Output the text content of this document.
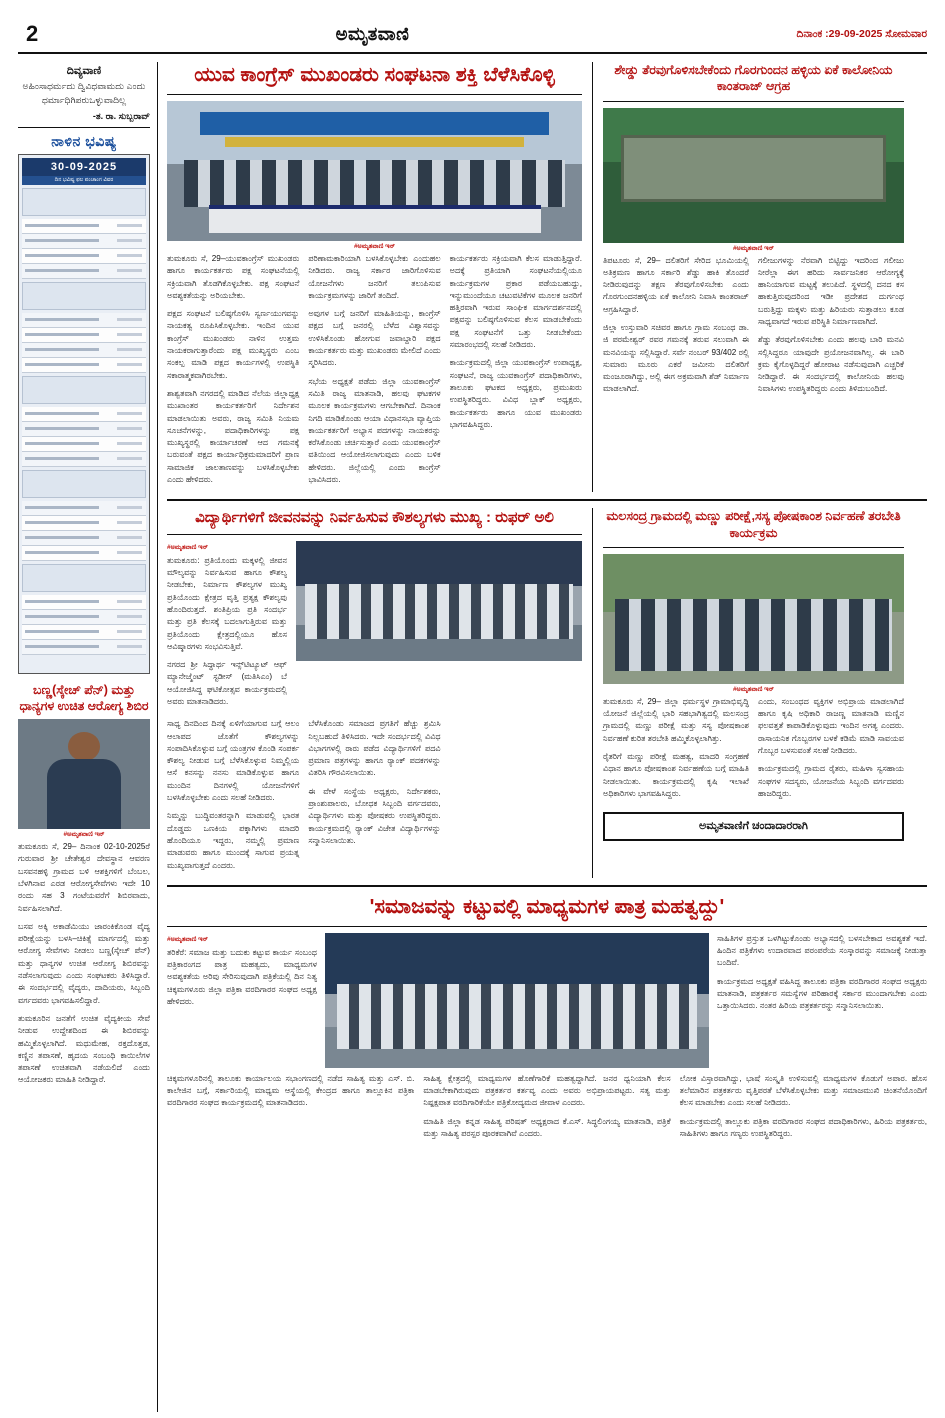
2	ಅಮೃತವಾಣಿ	ದಿನಾಂಕ :29-09-2025 ಸೋಮವಾರ
ದಿವ್ಯವಾಣಿ
ಅಹಿಂಸಾಧರ್ಮದು ದ್ವಿವಿಧವಾಮದು ಎಂದು ಧರ್ಮಾಧಿಗಿಪರುಒಳ್ಳುವಾದಿಲ್ಲ
-ತ. ರಾ. ಸುಬ್ಬರಾವ್
ನಾಳಿನ ಭವಿಷ್ಯ
30-09-2025
ದಿನ ಭವಿಷ್ಯ ಫಲ ಪಂಚಾಂಗ ವಿವರ
ಬಣ್ಣ(ಸ್ಕೇಚ್ ಪೆನ್) ಮತ್ತು ಧಾನ್ಯಗಳ ಉಚಿತ ಆರೋಗ್ಯ ಶಿಬಿರ
#ಅಮೃತವಾಣಿ ಇನ್

ತುಮಕೂರು ಸೆ, 29– ದಿನಾಂಕ 02-10-2025ರೆ ಗುರುವಾರ ಶ್ರೀ ಚೇತೇಶ್ವರ ದೇವಸ್ಥಾನ ಆವರಣ ಬಸವನಹಳ್ಳಿ ಗ್ರಾಮದ ಬಳಿ ಆಶಕ್ತಿಗಳಿಗೆ ಬೆಂಬಲ, ಬೆಳಗಿನಾವ ಎರಡ ಆರೋಗ್ಯಸೇವೆಗಳು ಇದೇ 10 ರಂದು ಸಹ 3 ಗಂಟೆಯವರೆಗೆ ಶಿಬಿರವಾದು, ನಿರ್ವಹಿಸಲಾಗಿದೆ.

ಬಸವ ಅಕ್ಕಿ ಅಕಾಡೆಮಿಯು ಜಾರಂಕಿಕೊಂಡ ವೈದ್ಯ ಪರೀಕ್ಷೆಯನ್ನು ಬಳಸಿ–ಚಿಕಿತ್ಸೆ ಮಾರ್ಗದಲ್ಲಿ ಮತ್ತು ಆರೋಗ್ಯ ಸೇವೆಗಳು ನೀಡಲು ಬಣ್ಣ(ಸ್ಕೇಚ್ ಪೆನ್) ಮತ್ತು ಧಾನ್ಯಗಳ ಉಚಿತ ಆರೋಗ್ಯ ಶಿಬಿರವನ್ನು ನಡೆಸಲಾಗುವುದು ಎಂದು ಸಂಘಟಕರು ತಿಳಿಸಿದ್ದಾರೆ. ಈ ಸಂದರ್ಭದಲ್ಲಿ ವೈದ್ಯರು, ದಾದಿಯರು, ಸಿಬ್ಬಂದಿ ವರ್ಗದವರು ಭಾಗವಹಿಸಲಿದ್ದಾರೆ.

ತುಮಕೂರಿನ ಜನತೆಗೆ ಉಚಿತ ವೈದ್ಯಕೀಯ ಸೇವೆ ನೀಡುವ ಉದ್ದೇಶದಿಂದ ಈ ಶಿಬಿರವನ್ನು ಹಮ್ಮಿಕೊಳ್ಳಲಾಗಿದೆ. ಮಧುಮೇಹ, ರಕ್ತದೊತ್ತಡ, ಕಣ್ಣಿನ ತಪಾಸಣೆ, ಹೃದಯ ಸಂಬಂಧಿ ಕಾಯಿಲೆಗಳ ತಪಾಸಣೆ ಉಚಿತವಾಗಿ ನಡೆಯಲಿದೆ ಎಂದು ಆಯೋಜಕರು ಮಾಹಿತಿ ನೀಡಿದ್ದಾರೆ.

ಯುವ ಕಾಂಗ್ರೆಸ್ ಮುಖಂಡರು ಸಂಘಟನಾ ಶಕ್ತಿ ಬೆಳೆಸಿಕೊಳ್ಳಿ
#ಅಮೃತವಾಣಿ ಇನ್

ತುಮಕೂರು ಸೆ, 29–ಯುವಕಾಂಗ್ರೆಸ್ ಮುಖಂಡರು ಹಾಗೂ ಕಾರ್ಯಕರ್ತರು ಪಕ್ಷ ಸಂಘಟನೆಯಲ್ಲಿ ಸಕ್ರಿಯವಾಗಿ ತೊಡಗಿಕೊಳ್ಳಬೇಕು. ಪಕ್ಷ ಸಂಘಟನೆ ಅವಶ್ಯಕತೆಯನ್ನು ಅರಿಯಬೇಕು.

ಪಕ್ಷದ ಸಂಘಟನೆ ಬಲಿಷ್ಠಗೊಳಿಸಿ ಸ್ವರ್ಣಯುಗವನ್ನು ನಾಯಕತ್ವ ರೂಪಿಸಿಕೊಳ್ಳಬೇಕು. ಇಂದಿನ ಯುವ ಕಾಂಗ್ರೆಸ್ ಮುಖಂಡರು ನಾಳಿನ ಉತ್ತಮ ನಾಯಕರಾಗುತ್ತಾರೆಂದು ಪಕ್ಷ ಮುಖ್ಯಸ್ಥರು ಎಂಬ ಸಂಕಲ್ಪ ಮಾಡಿ ಪಕ್ಷದ ಕಾರ್ಯಗಳಲ್ಲಿ ಉಪಸ್ಥಿತಿ ಸಕಾರಾತ್ಮಕವಾಗಿರಬೇಕು.

ಶಾಶ್ವತವಾಗಿ ನಗರದಲ್ಲಿ ಮಾಡಿದ ನೆಲೆಯ ಜಿಲ್ಲಾಧ್ಯಕ್ಷ ಮುಖಾಂತರ ಕಾರ್ಯಕರ್ತರಿಗೆ ನಿರ್ದೇಶನ ಮಾಡಲಾಯಿತು ಅವರು, ರಾಜ್ಯ ಸಮಿತಿ ನಿಯಮ ಸೂಚನೆಗಳನ್ನು, ಪದಾಧಿಕಾರಿಗಳನ್ನು ಪಕ್ಷ ಮುಖ್ಯಸ್ಥರಲ್ಲಿ ಕಾರ್ಯಾಚರಣೆ ಆದ ಗಮನಕ್ಕೆ ಬರುವಂತೆ ಪಕ್ಷದ ಕಾರ್ಯಾಧಿಕ್ರಮಮಾದರಿಗೆ ಪ್ರಾಣ ಸಾಮಾಜಿಕ ಜಾಲತಾಣವನ್ನು ಬಳಸಿಕೊಳ್ಳಬೇಕು ಎಂದು ಹೇಳಿದರು.

ಪರಿಣಾಮಕಾರಿಯಾಗಿ ಬಳಸಿಕೊಳ್ಳಬೇಕು ಎಂದುಹಲ ನೀಡಿದರು. ರಾಜ್ಯ ಸರ್ಕಾರ ಜಾರಿಗೊಳಿಸುವ ಯೋಜನೆಗಳು ಜನರಿಗೆ ತಲುಪಿಸುವ ಕಾರ್ಯಕ್ರಮಗಳನ್ನು ಜಾರಿಗೆ ತಂದಿದೆ.

ಅವುಗಳ ಬಗ್ಗೆ ಜನರಿಗೆ ಮಾಹಿತಿಯನ್ನು, ಕಾಂಗ್ರೆಸ್ ಪಕ್ಷದ ಬಗ್ಗೆ ಜನರಲ್ಲಿ ಬೆಳೆದ ವಿಶ್ವಾಸವನ್ನು ಉಳಿಸಿಕೊಂಡು ಹೋಗುವ ಜವಾಬ್ದಾರಿ ಪಕ್ಷದ ಕಾರ್ಯಕರ್ತರು ಮತ್ತು ಮುಖಂಡರು ಮೇಲಿದೆ ಎಂದು ಸ್ಮರಿಸಿದರು.

ಸಭೆಯ ಅಧ್ಯಕ್ಷತೆ ಪಡೆದು ಜಿಲ್ಲಾ ಯುವಕಾಂಗ್ರೆಸ್ ಸಮಿತಿ ರಾಜ್ಯ ಮಾತನಾಡಿ, ಹಲವು ಘಟಕಗಳ ಮೂಲಕ ಕಾರ್ಯಕ್ರಮಗಳು ಆಗಬೇಕಾಗಿದೆ. ದಿನಾಂಕ ನಿಗದಿ ಮಾಡಿಕೊಂಡು ಆಯಾ ವಿಧಾನಸಭಾ ವ್ಯಾಪ್ತಿಯ ಕಾರ್ಯಕರ್ತರಿಗೆ ಅಭ್ಯಾಸ ಪದಗಳನ್ನು ನಾಯಕರನ್ನು ಕರೆಸಿಕೊಂಡು ಚರ್ಚಿಸುತ್ತಾರೆ ಎಂದು ಯುವಕಾಂಗ್ರೆಸ್ ವತಿಯಿಂದ ಆಯೋಜಿಸಲಾಗುವುದು ಎಂದು ಬಳಿಕ ಹೇಳಿದರು. ಜಿಲ್ಲೆಯಲ್ಲಿ ಎಂದು ಕಾಂಗ್ರೆಸ್ ಭಾವಿಸಿದರು.

ಕಾರ್ಯಕರ್ತರು ಸಕ್ರಿಯವಾಗಿ ಕೆಲಸ ಮಾಡುತ್ತಿದ್ದಾರೆ. ಅದಕ್ಕೆ ಪ್ರತಿಯಾಗಿ ಸಂಘಟನೆಯಲ್ಲಿಯೂ ಕಾರ್ಯಕ್ರಮಗಳ ಪ್ರಕಾರ ಪಡೆಯಬಹುದ್ದು, ಇನ್ನುಮುಂದೆಯೂ ಚಟುವಟಿಕೆಗಳ ಮೂಲಕ ಜನರಿಗೆ ಹತ್ತಿರವಾಗಿ ಇರುವ ಸಾಂಘಿಕ ಮಾರ್ಗದರ್ಶನದಲ್ಲಿ ಪಕ್ಷವನ್ನು ಬಲಿಷ್ಠಗೊಳಿಸುವ ಕೆಲಸ ಮಾಡಬೇಕೆಂದು ಪಕ್ಷ ಸಂಘಟನೆಗೆ ಒತ್ತು ನೀಡಬೇಕೆಂದು ಸಮಾರಂಭದಲ್ಲಿ ಸಲಹೆ ನೀಡಿದರು.

ಕಾರ್ಯಕ್ರಮದಲ್ಲಿ ಜಿಲ್ಲಾ ಯುವಕಾಂಗ್ರೆಸ್ ಉಪಾಧ್ಯಕ್ಷ, ಸಂಘಟನೆ, ರಾಜ್ಯ ಯುವಕಾಂಗ್ರೆಸ್ ಪದಾಧಿಕಾರಿಗಳು, ತಾಲೂಕು ಘಟಕದ ಅಧ್ಯಕ್ಷರು, ಪ್ರಮುಖರು ಉಪಸ್ಥಿತರಿದ್ದರು. ವಿವಿಧ ಬ್ಲಾಕ್ ಅಧ್ಯಕ್ಷರು, ಕಾರ್ಯಕರ್ತರು ಹಾಗೂ ಯುವ ಮುಖಂಡರು ಭಾಗವಹಿಸಿದ್ದರು.

ಶೇಡ್ಡು ತೆರವುಗೊಳಿಸಬೇಕೆಂದು ಗೊರಗುಂದನ ಹಳ್ಳಿಯ ಏಕೆ ಕಾಲೋನಿಯ ಕಾಂತರಾಜ್ ಆಗ್ರಹ
#ಅಮೃತವಾಣಿ ಇನ್

ತಿಪಟೂರು ಸೆ, 29– ದಲಿತರಿಗೆ ಸೇರಿದ ಭೂಮಿಯಲ್ಲಿ ಅತಿಕ್ರಮಣ ಹಾಗೂ ಸರ್ಕಾರಿ ಶೆಡ್ಡು ಹಾಕಿ ತೊಂದರೆ ನೀಡಿರುವುದನ್ನು ತಕ್ಷಣ ತೆರವುಗೊಳಿಸಬೇಕು ಎಂದು ಗೊರಗುಂದನಹಳ್ಳಿಯ ಏಕೆ ಕಾಲೋನಿ ನಿವಾಸಿ ಕಾಂತರಾಜ್ ಆಗ್ರಹಿಸಿದ್ದಾರೆ.

ಜಿಲ್ಲಾ ಉಸ್ತುವಾರಿ ಸಚಿವರ ಹಾಗೂ ಗ್ರಾಮ ಸಂಬಂಧ ಡಾ. ಜಿ ಪರಮೇಶ್ವರ್ ರವರ ಗಮನಕ್ಕೆ ತರುವ ಸಲುವಾಗಿ ಈ ಮನವಿಯನ್ನು ಸಲ್ಲಿಸಿದ್ದಾರೆ. ಸರ್ವೆ ನಂಬರ್ 93/402 ರಲ್ಲಿ ಸುಮಾರು ಮೂರು ಎಕರೆ ಜಮೀನು ದಲಿತರಿಗೆ ಮಂಜೂರಾಗಿದ್ದು, ಅಲ್ಲಿ ಈಗ ಅಕ್ರಮವಾಗಿ ಶೆಡ್ ನಿರ್ಮಾಣ ಮಾಡಲಾಗಿದೆ.

ಗಲೀಜುಗಳನ್ನು ನೆರವಾಗಿ ಬಿಟ್ಟಿದ್ದು ಇದರಿಂದ ಗಲೀಜು ನೀರೆಲ್ಲಾ ಈಗ ಹರಿದು ಸಾರ್ವಜನಿಕರ ಆರೋಗ್ಯಕ್ಕೆ ಹಾನಿಯಾಗುವ ಮಟ್ಟಕ್ಕೆ ತಲುಪಿದೆ. ಸ್ಥಳದಲ್ಲಿ ದನದ ಕಸ ಹಾಕುತ್ತಿರುವುದರಿಂದ ಇಡೀ ಪ್ರದೇಶದ ದುರ್ಗಂಧ ಬರುತ್ತಿದ್ದು ಮಕ್ಕಳು ಮತ್ತು ಹಿರಿಯರು ಸುತ್ತಾಡಲು ಕೂಡ ಸಾಧ್ಯವಾಗದೆ ಇರುವ ಪರಿಸ್ಥಿತಿ ನಿರ್ಮಾಣವಾಗಿದೆ.

ಶೆಡ್ಡು ತೆರವುಗೊಳಿಸಬೇಕು ಎಂದು ಹಲವು ಬಾರಿ ಮನವಿ ಸಲ್ಲಿಸಿದ್ದರೂ ಯಾವುದೇ ಪ್ರಯೋಜನವಾಗಿಲ್ಲ. ಈ ಬಾರಿ ಕ್ರಮ ಕೈಗೊಳ್ಳದಿದ್ದರೆ ಹೋರಾಟ ನಡೆಸುವುದಾಗಿ ಎಚ್ಚರಿಕೆ ನೀಡಿದ್ದಾರೆ. ಈ ಸಂದರ್ಭದಲ್ಲಿ ಕಾಲೋನಿಯ ಹಲವು ನಿವಾಸಿಗಳು ಉಪಸ್ಥಿತರಿದ್ದರು ಎಂದು ತಿಳಿದುಬಂದಿದೆ.

ವಿದ್ಯಾರ್ಥಿಗಳಿಗೆ ಜೀವನವನ್ನು ನಿರ್ವಹಿಸುವ ಕೌಶಲ್ಯಗಳು ಮುಖ್ಯ : ರುಫರ್ ಅಲಿ
#ಅಮೃತವಾಣಿ ಇನ್

ತುಮಕೂರು: ಪ್ರತಿಯೊಂದು ಮಕ್ಕಳಲ್ಲಿ ಜೀವನ ಮೌಲ್ಯವನ್ನು ನಿರ್ವಹಿಸುವ ಹಾಗೂ ಕೌಶಲ್ಯ ನೀಡಬೇಕು, ನಿರ್ಮಾಣ ಕೌಶಲ್ಯಗಳ ಮುಖ್ಯ ಪ್ರತಿಯೊಂದು ಕ್ಷೇತ್ರದ ವೃತ್ತಿ ಪ್ರತ್ಯಕ್ಷ ಕೌಶಲ್ಯವು ಹೊಂದಿರುತ್ತದೆ. ಶಂತಿಪ್ರಿಯ ಪ್ರತಿ ಸಂದರ್ಭ ಮತ್ತು ಪ್ರತಿ ಕೆಲಸಕ್ಕೆ ಬದಲಾಗುತ್ತಿರುವ ಮತ್ತು ಪ್ರತಿಯೊಂದು ಕ್ಷೇತ್ರದಲ್ಲಿಯೂ ಹೊಸ ಆವಿಷ್ಕಾರಗಳು ಸಂಭವಿಸುತ್ತಿವೆ.

ನಗರದ ಶ್ರೀ ಸಿದ್ಧಾರ್ಥ ಇನ್ಸ್‌ಟಿಟ್ಯೂಟ್ ಆಫ್ ಮ್ಯಾನೇಜ್ಮೆಂಟ್ ಸ್ಟಡೀಸ್ (ಮತಿಸಿಎಂ) ಬೆ ಆಯೋಜಿಸಿದ್ದ ಘಟಿಕೋತ್ಸವ ಕಾರ್ಯಕ್ರಮದಲ್ಲಿ ಅವರು ಮಾತನಾಡಿದರು.

ಸಾಧ್ಯ ದಿನದಿಂದ ದಿನಕ್ಕೆ ಏಳಿಗೆಯಾಗುವ ಬಗ್ಗೆ ಆಲಂ ಆಲಾಪದ ಜೊತೆಗೆ ಕೌಶಲ್ಯಗಳನ್ನು ಸಂಪಾದಿಸಿಕೊಳ್ಳುವ ಬಗ್ಗೆ ಯಂತ್ರಗಳ ಕೊಂಡಿ ಸಂಪರ್ಕ ಕೌಶಲ್ಯ ನೀಡುವ ಬಗ್ಗೆ ಬೆಳೆಸಿಕೊಳ್ಳುವ ನಿಮ್ಮಲ್ಲಿಯ ಆಸೆ ಕನಸನ್ನು ನನಸು ಮಾಡಿಕೊಳ್ಳುವ ಹಾಗೂ ಮುಂದಿನ ದಿನಗಳಲ್ಲಿ ಯೋಜನೆಗಳಿಗೆ ಬಳಸಿಕೊಳ್ಳಬೇಕು ಎಂದು ಸಲಹೆ ನೀಡಿದರು.

ನಿಮ್ಮನ್ನು ಬುದ್ಧಿವಂತರನ್ನಾಗಿ ಮಾಡುವಲ್ಲಿ ಭಾರತ ದೊಡ್ಡದು ಒಣಕಿಯ ಪಕ್ಕಾಗಿಗಳು ಮಾದರಿ ಹೊಂದಿಯೂ ಇದ್ದರು, ನಮ್ಮಲ್ಲಿ ಪ್ರಮಾಣ ಮಾಡುವರು ಹಾಗೂ ಮುಂದಕ್ಕೆ ಸಾಗುವ ಪ್ರಯತ್ನ ಮುಖ್ಯವಾಗುತ್ತದೆ ಎಂದರು.

ಬೆಳೆಸಿಕೊಂಡು ಸಮಾಜದ ಪ್ರಗತಿಗೆ ಹೆಚ್ಚು ಶ್ರಮಿಸಿ ನಿಲ್ಲಬಹುದೆ ತಿಳಿಸಿದರು. ಇದೇ ಸಂದರ್ಭದಲ್ಲಿ ವಿವಿಧ ವಿಭಾಗಗಳಲ್ಲಿ ರಾರು ಪಡೆದ ವಿದ್ಯಾರ್ಥಿಗಳಿಗೆ ಪದವಿ ಪ್ರಮಾಣ ಪತ್ರಗಳನ್ನು ಹಾಗೂ ರ‍್ಯಾಂಕ್ ಪದಕಗಳನ್ನು ವಿತರಿಸಿ ಗೌರವಿಸಲಾಯಿತು.

ಈ ವೇಳೆ ಸಂಸ್ಥೆಯ ಅಧ್ಯಕ್ಷರು, ನಿರ್ದೇಶಕರು, ಪ್ರಾಂಶುಪಾಲರು, ಬೋಧಕ ಸಿಬ್ಬಂದಿ ವರ್ಗದವರು, ವಿದ್ಯಾರ್ಥಿಗಳು ಮತ್ತು ಪೋಷಕರು ಉಪಸ್ಥಿತರಿದ್ದರು. ಕಾರ್ಯಕ್ರಮದಲ್ಲಿ ರ‍್ಯಾಂಕ್ ವಿಜೇತ ವಿದ್ಯಾರ್ಥಿಗಳನ್ನು ಸನ್ಮಾನಿಸಲಾಯಿತು.

ಮಲಸಂದ್ರ ಗ್ರಾಮದಲ್ಲಿ ಮಣ್ಣು ಪರೀಕ್ಷೆ,ಸಸ್ಯ ಪೋಷಕಾಂಶ ನಿರ್ವಹಣೆ ತರಬೇತಿ ಕಾರ್ಯಕ್ರಮ
#ಅಮೃತವಾಣಿ ಇನ್

ತುಮಕೂರು ಸೆ, 29– ಜಿಲ್ಲಾ ಧರ್ಮಸ್ಥಳ ಗ್ರಾಮಾಭಿವೃದ್ಧಿ ಯೋಜನೆ ಜಿಲ್ಲೆಯಲ್ಲಿ ಭಾರಿ ಸಹಭಾಗಿತ್ವದಲ್ಲಿ ಮಲಸಂದ್ರ ಗ್ರಾಮದಲ್ಲಿ ಮಣ್ಣು ಪರೀಕ್ಷೆ ಮತ್ತು ಸಸ್ಯ ಪೋಷಕಾಂಶ ನಿರ್ವಹಣೆ ಕುರಿತ ತರಬೇತಿ ಹಮ್ಮಿಕೊಳ್ಳಲಾಗಿತ್ತು.

ರೈತರಿಗೆ ಮಣ್ಣು ಪರೀಕ್ಷೆ ಮಹತ್ವ, ಮಾದರಿ ಸಂಗ್ರಹಣೆ ವಿಧಾನ ಹಾಗೂ ಪೋಷಕಾಂಶ ನಿರ್ವಹಣೆಯ ಬಗ್ಗೆ ಮಾಹಿತಿ ನೀಡಲಾಯಿತು. ಕಾರ್ಯಕ್ರಮದಲ್ಲಿ ಕೃಷಿ ಇಲಾಖೆ ಅಧಿಕಾರಿಗಳು ಭಾಗವಹಿಸಿದ್ದರು.

ಎಂದು, ಸಂಬಂಧದ ವ್ಯಕ್ತಿಗಳ ಅಭಿಪ್ರಾಯ ಮಾಡಲಾಗಿದೆ ಹಾಗೂ ಕೃಷಿ ಅಧಿಕಾರಿ ರಾಜಣ್ಣ ಮಾತನಾಡಿ ಮಣ್ಣಿನ ಫಲವತ್ತತೆ ಕಾಪಾಡಿಕೊಳ್ಳುವುದು ಇಂದಿನ ಅಗತ್ಯ ಎಂದರು. ರಾಸಾಯನಿಕ ಗೊಬ್ಬರಗಳ ಬಳಕೆ ಕಡಿಮೆ ಮಾಡಿ ಸಾವಯವ ಗೊಬ್ಬರ ಬಳಸುವಂತೆ ಸಲಹೆ ನೀಡಿದರು.

ಕಾರ್ಯಕ್ರಮದಲ್ಲಿ ಗ್ರಾಮದ ರೈತರು, ಮಹಿಳಾ ಸ್ವಸಹಾಯ ಸಂಘಗಳ ಸದಸ್ಯರು, ಯೋಜನೆಯ ಸಿಬ್ಬಂದಿ ವರ್ಗದವರು ಹಾಜರಿದ್ದರು.

ಅಮೃತವಾಣಿಗೆ ಚಂದಾದಾರರಾಗಿ
'ಸಮಾಜವನ್ನು ಕಟ್ಟುವಲ್ಲಿ ಮಾಧ್ಯಮಗಳ ಪಾತ್ರ ಮಹತ್ವದ್ದು'
#ಅಮೃತವಾಣಿ ಇನ್

ತರಿಕೆರೆ: ಸಮಾಜ ಮತ್ತು ಬದುಕು ಕಟ್ಟುವ ಕಾರ್ಯ ಸಂಬಂಧ ಪತ್ರಿಕಾರಂಗದ ಪಾತ್ರ ಮಹತ್ವದು, ಮಾಧ್ಯಮಗಳ ಅವಶ್ಯಕತೆಯ ಅರಿವು ಸೇರಿಸುವುದಾಗಿ ಪತ್ರಿಕೆಯಲ್ಲಿ ದಿನ ನಿತ್ಯ ಚಿಕ್ಕಮಗಳೂರು ಜಿಲ್ಲಾ ಪತ್ರಿಕಾ ವರದಿಗಾರರ ಸಂಘದ ಅಧ್ಯಕ್ಷ ಹೇಳಿದರು.

ಸಾಹಿತಿಗಳ ಪ್ರಸ್ತುತ ಒಳಗಿಟ್ಟುಕೊಂಡು ಅಭ್ಯಾಸದಲ್ಲಿ ಬಳಸಬೇಕಾದ ಅವಶ್ಯಕತೆ ಇದೆ. ಹಿಂದಿನ ಪತ್ರಿಕೆಗಳು ಉದಾರವಾದ ಪರಂಪರೆಯ ಸಂಸ್ಕಾರವನ್ನು ಸಮಾಜಕ್ಕೆ ನೀಡುತ್ತಾ ಬಂದಿವೆ.

ಕಾರ್ಯಕ್ರಮದ ಅಧ್ಯಕ್ಷತೆ ವಹಿಸಿದ್ದ ತಾಲೂಕು ಪತ್ರಿಕಾ ವರದಿಗಾರರ ಸಂಘದ ಅಧ್ಯಕ್ಷರು ಮಾತನಾಡಿ, ಪತ್ರಕರ್ತರ ಸಮಸ್ಯೆಗಳ ಪರಿಹಾರಕ್ಕೆ ಸರ್ಕಾರ ಮುಂದಾಗಬೇಕು ಎಂದು ಒತ್ತಾಯಿಸಿದರು. ನಂತರ ಹಿರಿಯ ಪತ್ರಕರ್ತರನ್ನು ಸನ್ಮಾನಿಸಲಾಯಿತು.

ಚಿಕ್ಕಮಗಳೂರಿನಲ್ಲಿ ತಾಲೂಕು ಕಾರ್ಯಾಲಯ ಸಭಾಂಗಣದಲ್ಲಿ ನಡೆದ ಸಾಹಿತ್ಯ ಮತ್ತು ಎಸ್. ಬಿ. ಕಾಲೇಜಿನ ಬಗ್ಗೆ, ಸರ್ಕಾರಿಯಲ್ಲಿ ಮಾಧ್ಯಮ ಆಸ್ಥೆಯಲ್ಲಿ ಕೇಂದ್ರದ ಹಾಗೂ ತಾಲ್ಲೂಕಿನ ಪತ್ರಿಕಾ ವರದಿಗಾರರ ಸಂಘದ ಕಾರ್ಯಕ್ರಮದಲ್ಲಿ ಮಾತನಾಡಿದರು.

ಸಾಹಿತ್ಯ ಕ್ಷೇತ್ರದಲ್ಲಿ ಮಾಧ್ಯಮಗಳ ಹೊಣೆಗಾರಿಕೆ ಮಹತ್ವದ್ದಾಗಿದೆ. ಜನರ ಧ್ವನಿಯಾಗಿ ಕೆಲಸ ಮಾಡಬೇಕಾಗಿರುವುದು ಪತ್ರಕರ್ತರ ಕರ್ತವ್ಯ ಎಂದು ಅವರು ಅಭಿಪ್ರಾಯಪಟ್ಟರು. ಸತ್ಯ ಮತ್ತು ನಿಷ್ಪಕ್ಷಪಾತ ವರದಿಗಾರಿಕೆಯೇ ಪತ್ರಿಕೋದ್ಯಮದ ಜೀವಾಳ ಎಂದರು.

ಮಾಹಿತಿ ಜಿಲ್ಲಾ ಕನ್ನಡ ಸಾಹಿತ್ಯ ಪರಿಷತ್ ಅಧ್ಯಕ್ಷರಾದ ಕೆ.ಎಸ್. ಸಿದ್ಧಲಿಂಗಯ್ಯ ಮಾತನಾಡಿ, ಪತ್ರಿಕೆ ಮತ್ತು ಸಾಹಿತ್ಯ ಪರಸ್ಪರ ಪೂರಕವಾಗಿವೆ ಎಂದರು.

ಲೋಕ ವಿಸ್ತಾರವಾಗಿದ್ದು, ಭಾಷೆ ಸಂಸ್ಕೃತಿ ಉಳಿಸುವಲ್ಲಿ ಮಾಧ್ಯಮಗಳ ಕೊಡುಗೆ ಅಪಾರ. ಹೊಸ ತಲೆಮಾರಿನ ಪತ್ರಕರ್ತರು ವೃತ್ತಿಪರತೆ ಬೆಳೆಸಿಕೊಳ್ಳಬೇಕು ಮತ್ತು ಸಮಾಜಮುಖಿ ಚಿಂತನೆಯೊಂದಿಗೆ ಕೆಲಸ ಮಾಡಬೇಕು ಎಂದು ಸಲಹೆ ನೀಡಿದರು.

ಕಾರ್ಯಕ್ರಮದಲ್ಲಿ ತಾಲ್ಲೂಕು ಪತ್ರಿಕಾ ವರದಿಗಾರರ ಸಂಘದ ಪದಾಧಿಕಾರಿಗಳು, ಹಿರಿಯ ಪತ್ರಕರ್ತರು, ಸಾಹಿತಿಗಳು ಹಾಗೂ ಗಣ್ಯರು ಉಪಸ್ಥಿತರಿದ್ದರು.
